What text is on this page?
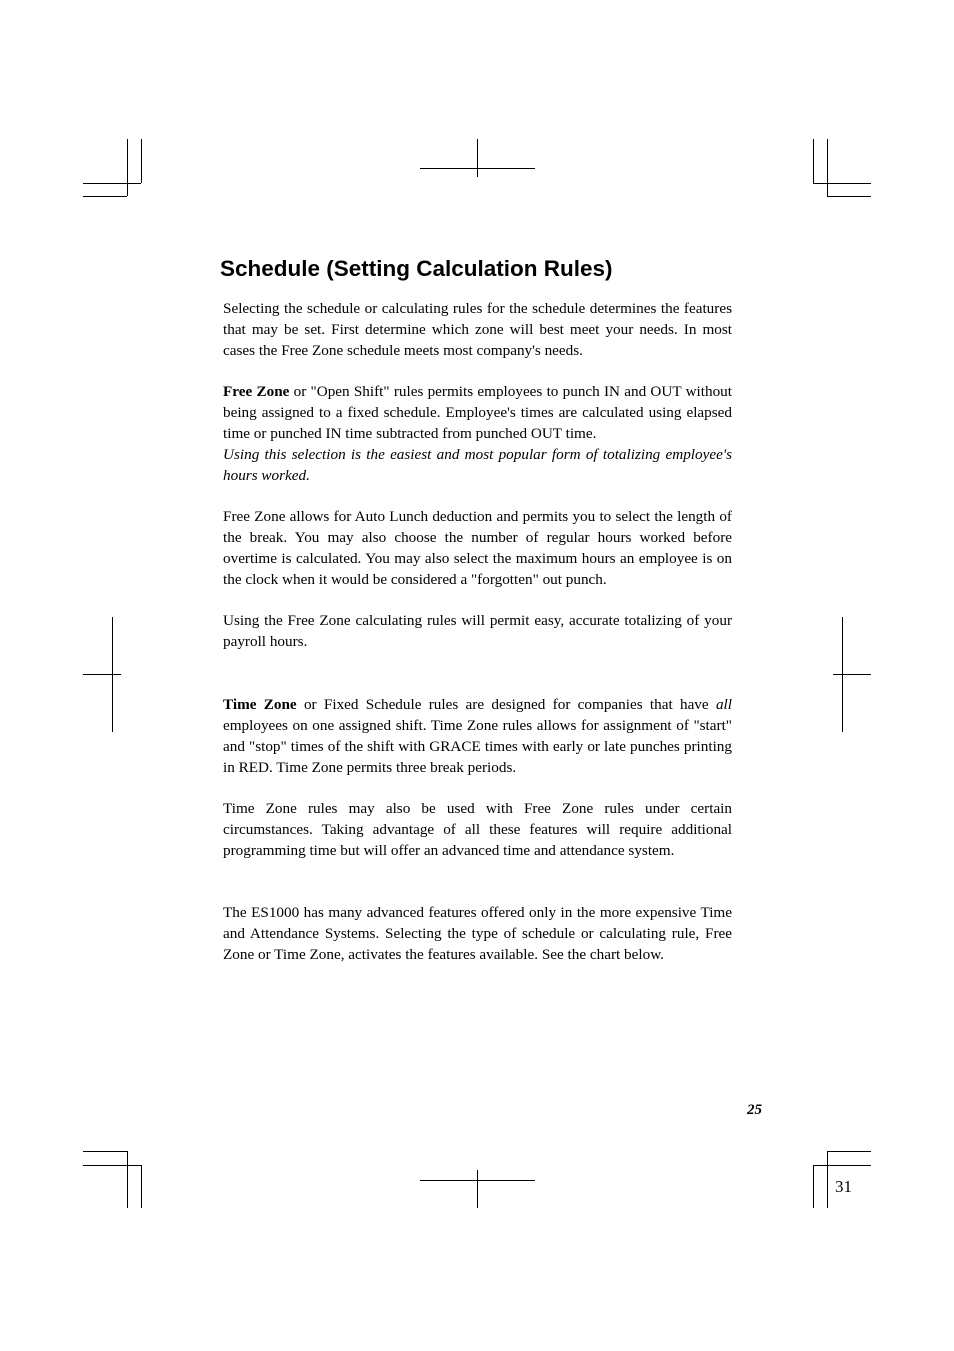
Schedule (Setting Calculation Rules)

Selecting the schedule or calculating rules for the schedule determines the features that may be set. First determine which zone will best meet your needs. In most cases the Free Zone schedule meets most company's needs.

Free Zone or "Open Shift" rules permits employees to punch IN and OUT without being assigned to a fixed schedule. Employee's times are calculated using elapsed time or punched IN time subtracted from punched OUT time.
Using this selection is the easiest and most popular form of totalizing employee's hours worked.

Free Zone allows for Auto Lunch deduction and permits you to select the length of the break. You may also choose the number of regular hours worked before overtime is calculated. You may also select the maximum hours an employee is on the clock when it would be considered a "forgotten" out punch.

Using the Free Zone calculating rules will permit easy, accurate totalizing of your payroll hours.

Time Zone or Fixed Schedule rules are designed for companies that have all employees on one assigned shift. Time Zone rules allows for assignment of "start" and "stop" times of the shift with GRACE times with early or late punches printing in RED. Time Zone permits three break periods.

Time Zone rules may also be used with Free Zone rules under certain circumstances. Taking advantage of all these features will require additional programming time but will offer an advanced time and attendance system.

The ES1000 has many advanced features offered only in the more expensive Time and Attendance Systems. Selecting the type of schedule or calculating rule, Free Zone or Time Zone, activates the features available. See the chart below.

25
31
